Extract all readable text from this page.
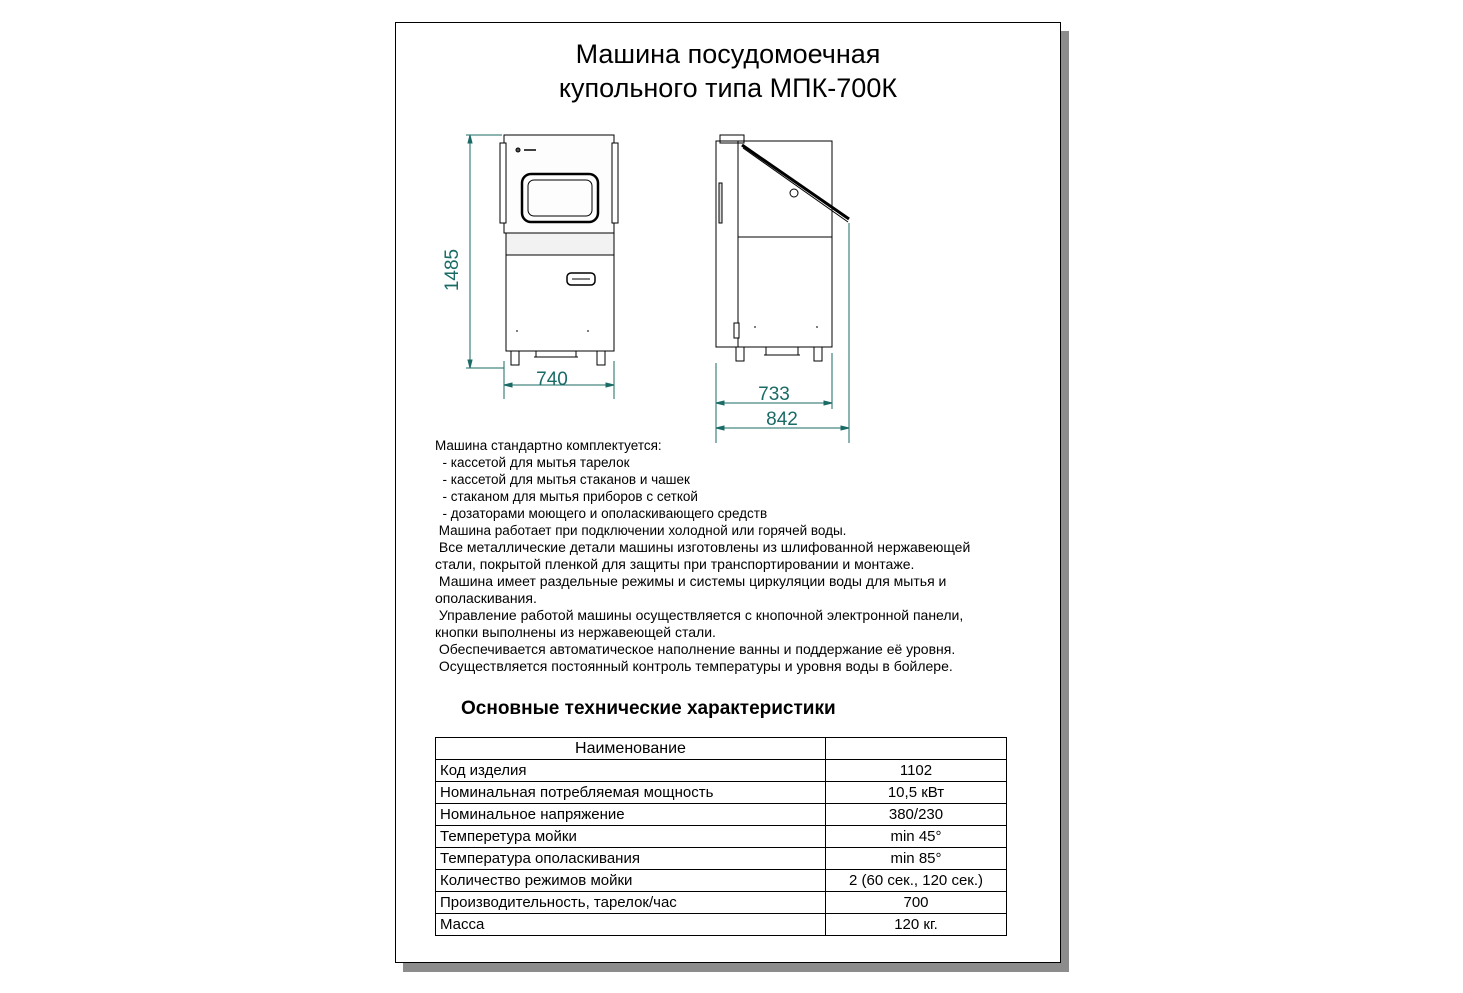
Машина посудомоечная
купольного типа МПК-700К
1485
740
733
842
Машина стандартно комплектуется:
- кассетой для мытья тарелок
- кассетой для мытья стаканов и чашек
- стаканом для мытья приборов с сеткой
- дозаторами моющего и ополаскивающего средств
Машина работает при подключении холодной или горячей воды.
Все металлические детали машины изготовлены из шлифованной нержавеющей
стали, покрытой пленкой для защиты при транспортировании и монтаже.
Машина имеет раздельные режимы и системы циркуляции воды для мытья и
ополаскивания.
Управление работой машины осуществляется с кнопочной электронной панели,
кнопки выполнены из нержавеющей стали.
Обеспечивается автоматическое наполнение ванны и поддержание её уровня.
Осуществляется постоянный контроль температуры и уровня воды в бойлере.
Основные технические характеристики
Наименование	
Код изделия	1102
Номинальная потребляемая мощность	10,5 кВт
Номинальное напряжение	380/230
Темперетура мойки	min 45°
Температура ополаскивания	min 85°
Количество режимов мойки	2 (60 сек., 120 сек.)
Производительность, тарелок/час	700
Масса	120 кг.
